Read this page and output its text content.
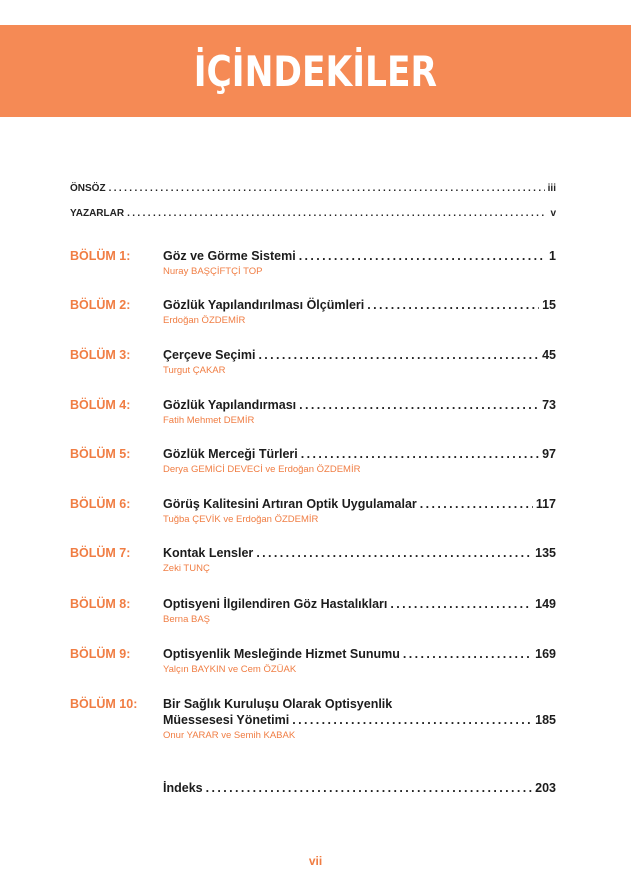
İÇİNDEKİLER
ÖNSÖZ .....	iii
YAZARLAR .....	v
BÖLÜM 1:	Göz ve Görme Sistemi .....	1
Nuray BAŞÇİFTÇİ TOP
BÖLÜM 2:	Gözlük Yapılandırılması Ölçümleri .....	15
Erdoğan ÖZDEMİR
BÖLÜM 3:	Çerçeve Seçimi .....	45
Turgut ÇAKAR
BÖLÜM 4:	Gözlük Yapılandırması .....	73
Fatih Mehmet DEMİR
BÖLÜM 5:	Gözlük Merceği Türleri .....	97
Derya GEMİCİ DEVECİ ve Erdoğan ÖZDEMİR
BÖLÜM 6:	Görüş Kalitesini Artıran Optik Uygulamalar .....	117
Tuğba ÇEVİK ve Erdoğan ÖZDEMİR
BÖLÜM 7:	Kontak Lensler .....	135
Zeki TUNÇ
BÖLÜM 8:	Optisyeni İlgilendiren Göz Hastalıkları .....	149
Berna BAŞ
BÖLÜM 9:	Optisyenlik Mesleğinde Hizmet Sunumu .....	169
Yalçın BAYKIN ve Cem ÖZÜAK
BÖLÜM 10: Bir Sağlık Kuruluşu Olarak Optisyenlik
Müessesesi Yönetimi .....	185
Onur YARAR ve Semih KABAK
İndeks .....	203
vii
